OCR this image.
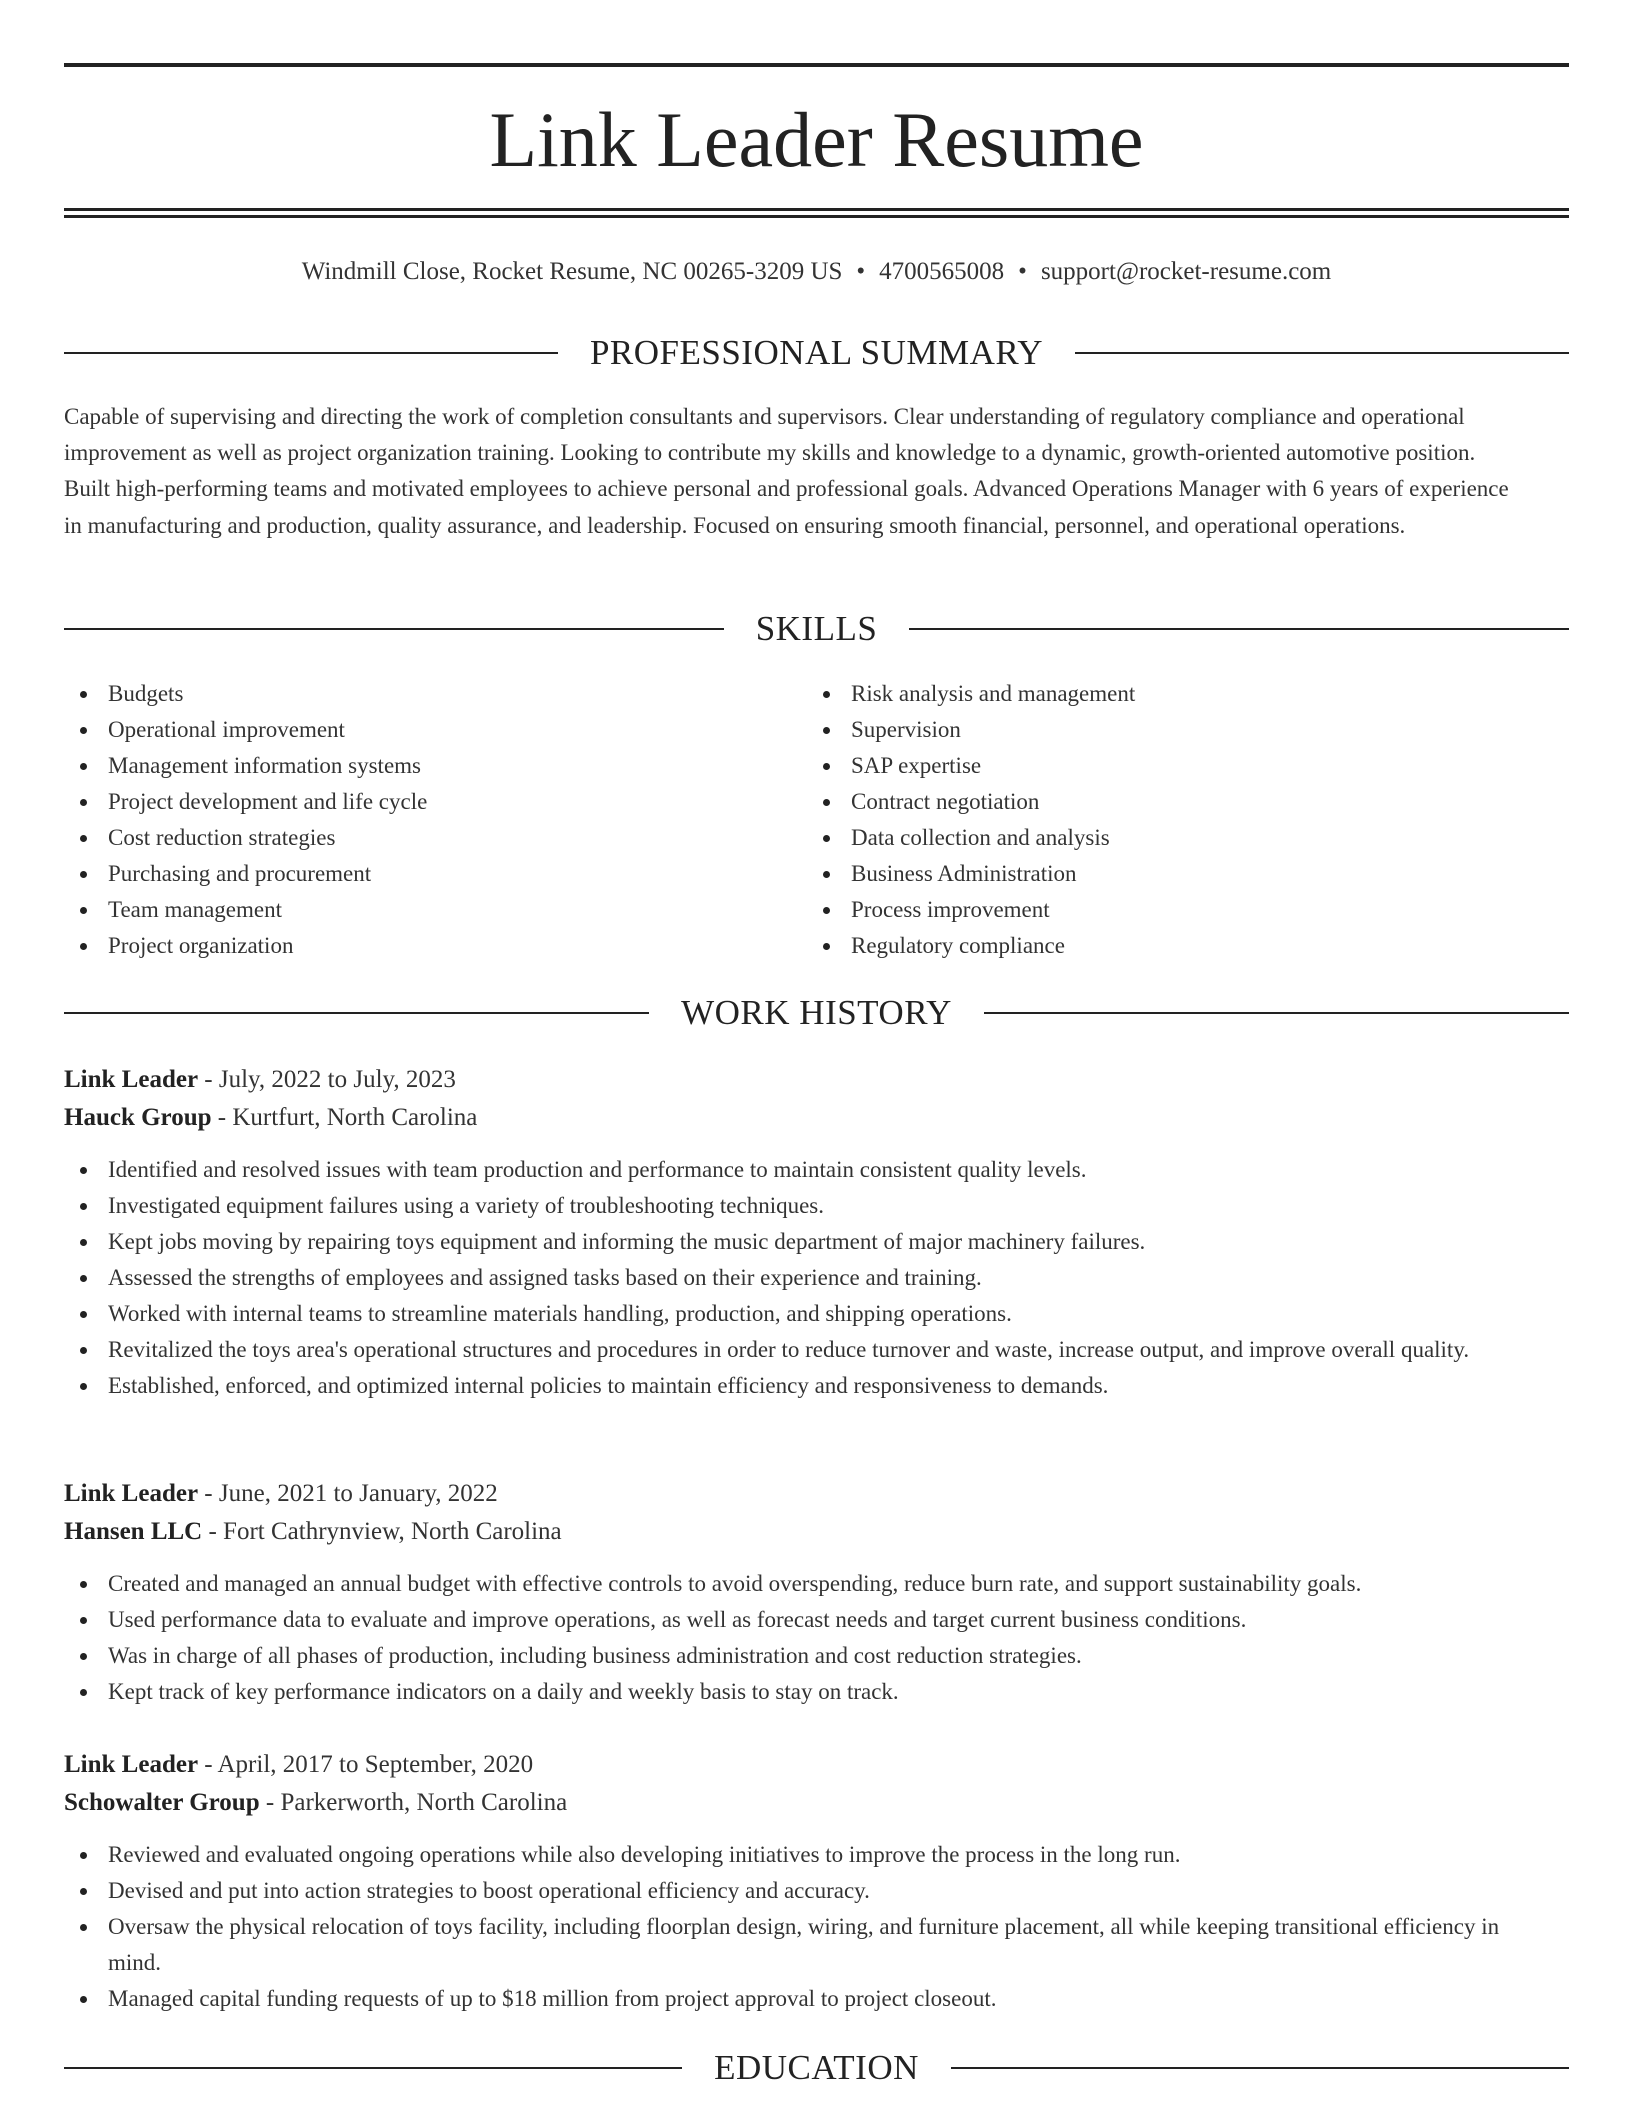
Link Leader Resume
Windmill Close, Rocket Resume, NC 00265-3209 US • 4700565008 • support@rocket-resume.com
PROFESSIONAL SUMMARY

Capable of supervising and directing the work of completion consultants and supervisors. Clear understanding of regulatory compliance and operational improvement as well as project organization training. Looking to contribute my skills and knowledge to a dynamic, growth-oriented automotive position. Built high-performing teams and motivated employees to achieve personal and professional goals. Advanced Operations Manager with 6 years of experience in manufacturing and production, quality assurance, and leadership. Focused on ensuring smooth financial, personnel, and operational operations.

SKILLS
Budgets
Operational improvement
Management information systems
Project development and life cycle
Cost reduction strategies
Purchasing and procurement
Team management
Project organization
Risk analysis and management
Supervision
SAP expertise
Contract negotiation
Data collection and analysis
Business Administration
Process improvement
Regulatory compliance
WORK HISTORY

Link Leader - July, 2022 to July, 2023

Hauck Group - Kurtfurt, North Carolina

Identified and resolved issues with team production and performance to maintain consistent quality levels.
Investigated equipment failures using a variety of troubleshooting techniques.
Kept jobs moving by repairing toys equipment and informing the music department of major machinery failures.
Assessed the strengths of employees and assigned tasks based on their experience and training.
Worked with internal teams to streamline materials handling, production, and shipping operations.
Revitalized the toys area's operational structures and procedures in order to reduce turnover and waste, increase output, and improve overall quality.
Established, enforced, and optimized internal policies to maintain efficiency and responsiveness to demands.

Link Leader - June, 2021 to January, 2022

Hansen LLC - Fort Cathrynview, North Carolina

Created and managed an annual budget with effective controls to avoid overspending, reduce burn rate, and support sustainability goals.
Used performance data to evaluate and improve operations, as well as forecast needs and target current business conditions.
Was in charge of all phases of production, including business administration and cost reduction strategies.
Kept track of key performance indicators on a daily and weekly basis to stay on track.

Link Leader - April, 2017 to September, 2020

Schowalter Group - Parkerworth, North Carolina

Reviewed and evaluated ongoing operations while also developing initiatives to improve the process in the long run.
Devised and put into action strategies to boost operational efficiency and accuracy.
Oversaw the physical relocation of toys facility, including floorplan design, wiring, and furniture placement, all while keeping transitional efficiency in mind.
Managed capital funding requests of up to $18 million from project approval to project closeout.
EDUCATION
